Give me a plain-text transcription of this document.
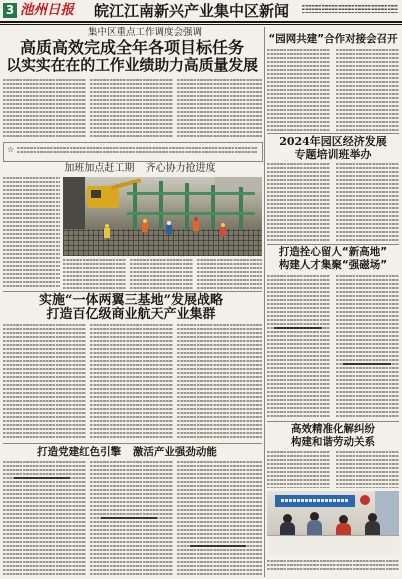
3 池州日报 皖江江南新兴产业集中区新闻
集中区重点工作调度会强调
高质高效完成全年各项目标任务
以实实在在的工作业绩助力高质量发展
☆
加班加点赶工期 齐心协力抢进度
实施“一体两翼三基地”发展战略
打造百亿级商业航天产业集群
打造党建红色引擎 激活产业强劲动能
“园网共建”合作对接会召开
2024年园区经济发展
专题培训班举办
打造拴心留人“新高地”
构建人才集聚“强磁场”
高效精准化解纠纷
构建和谐劳动关系
